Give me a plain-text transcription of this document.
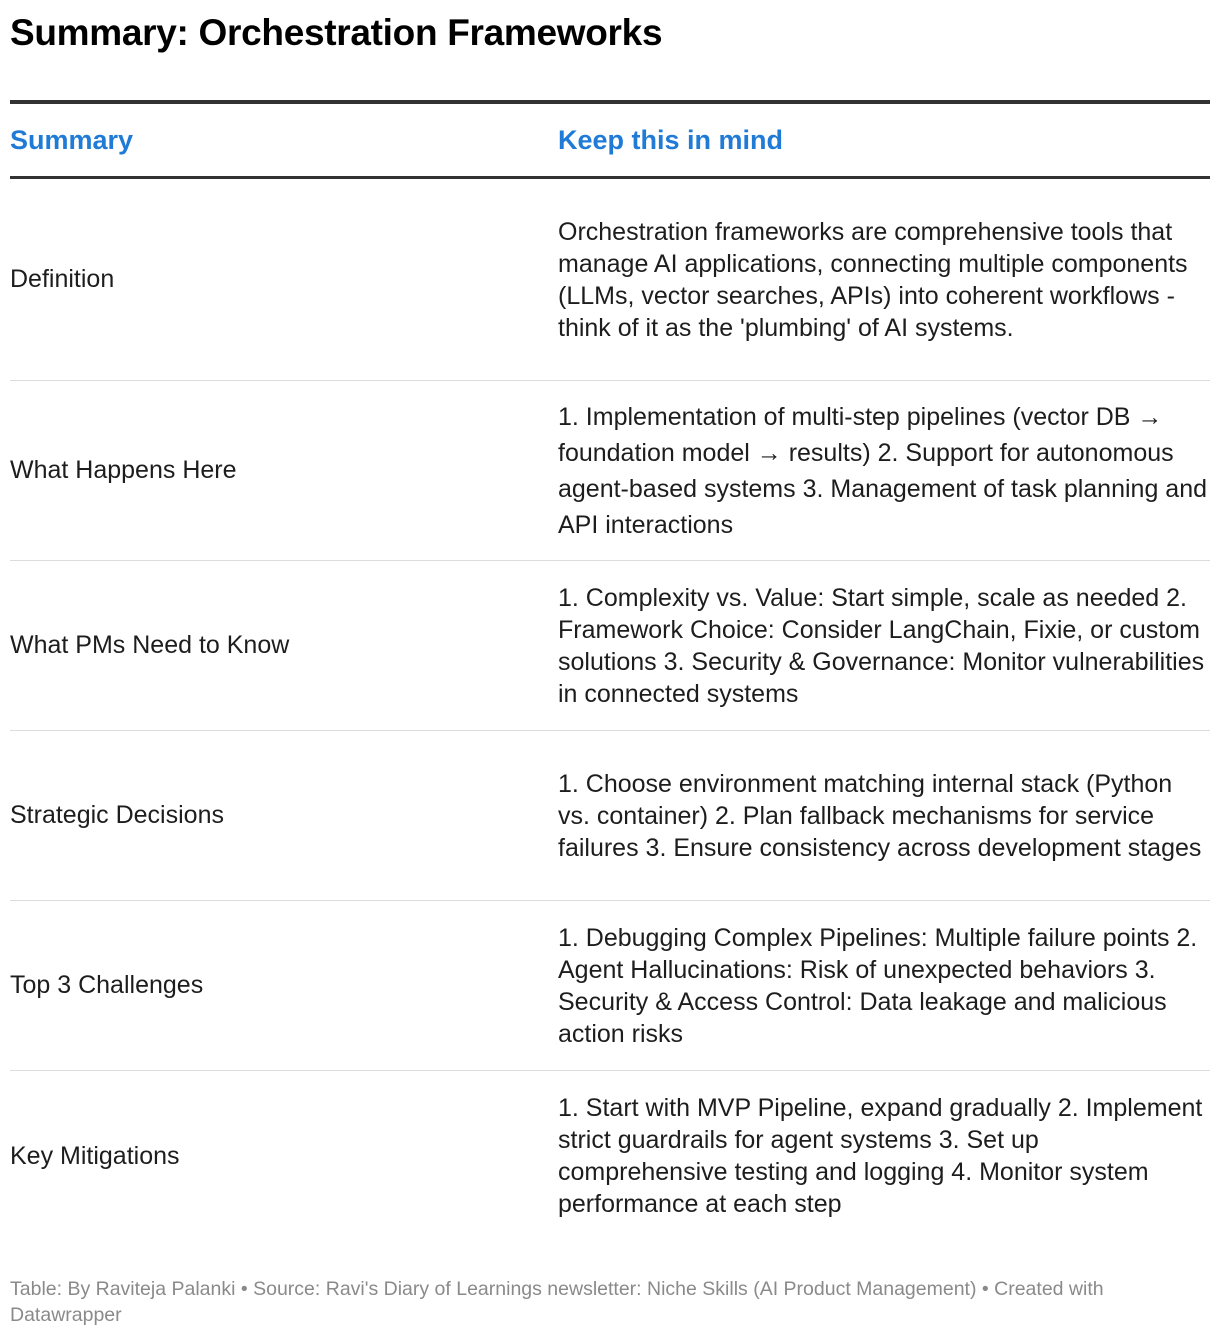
Summary: Orchestration Frameworks
Summary	Keep this in mind
Definition
Orchestration frameworks are comprehensive tools that manage AI applications, connecting multiple components (LLMs, vector searches, APIs) into coherent workflows - think of it as the 'plumbing' of AI systems.
What Happens Here
1. Implementation of multi-step pipelines (vector DB → foundation model → results) 2. Support for autonomous agent-based systems 3. Management of task planning and API interactions
What PMs Need to Know
1. Complexity vs. Value: Start simple, scale as needed 2. Framework Choice: Consider LangChain, Fixie, or custom solutions 3. Security & Governance: Monitor vulnerabilities in connected systems
Strategic Decisions
1. Choose environment matching internal stack (Python vs. container) 2. Plan fallback mechanisms for service failures 3. Ensure consistency across development stages
Top 3 Challenges
1. Debugging Complex Pipelines: Multiple failure points 2. Agent Hallucinations: Risk of unexpected behaviors 3. Security & Access Control: Data leakage and malicious action risks
Key Mitigations
1. Start with MVP Pipeline, expand gradually 2. Implement strict guardrails for agent systems 3. Set up comprehensive testing and logging 4. Monitor system performance at each step
Table: By Raviteja Palanki • Source: Ravi's Diary of Learnings newsletter: Niche Skills (AI Product Management) • Created with Datawrapper
